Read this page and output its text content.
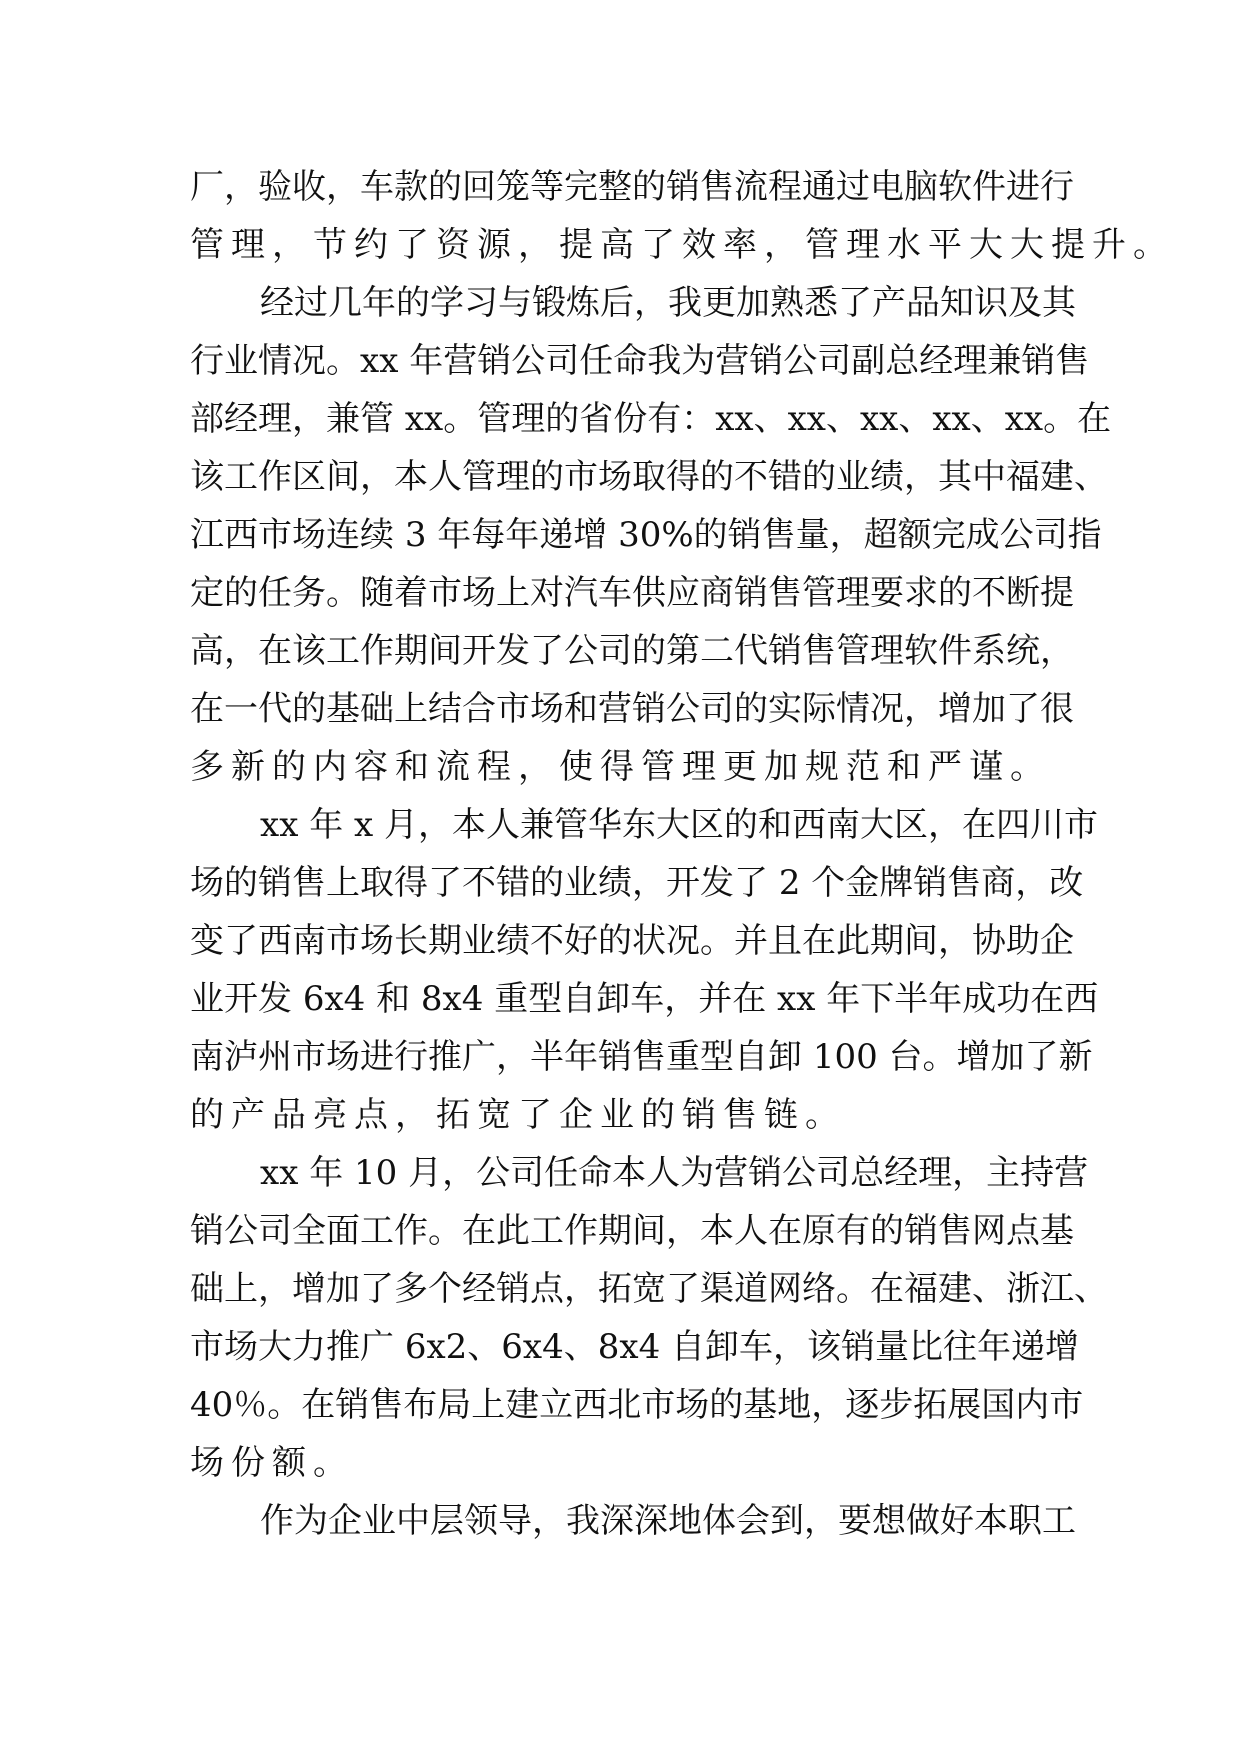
厂 ， 验 收 ， 车 款 的 回 笼 等 完 整 的 销 售 流 程 通 过 电 脑 软 件 进 行
管理，节约了资源，提高了效率，管理水平大大提升。
经 过 几 年 的 学 习 与 锻 炼 后 ， 我 更 加 熟 悉 了 产 品 知 识 及 其
行 业 情 况 。 x x
年 营 销 公 司 任 命 我 为 营 销 公 司 副 总 经 理 兼 销 售
部 经 理 ， 兼 管
x x 。 管 理 的 省 份 有 ： x x 、 x x 、 x x 、 x x 、 x x 。 在
该 工 作 区 间 ， 本 人 管 理 的 市 场 取 得 的 不 错 的 业 绩 ， 其 中 福 建 、
江 西 市 场 连 续
3
年 每 年 递 增
3 0 % 的 销 售 量 ， 超 额 完 成 公 司 指
定 的 任 务 。 随 着 市 场 上 对 汽 车 供 应 商 销 售 管 理 要 求 的 不 断 提
高 ， 在 该 工 作 期 间 开 发 了 公 司 的 第 二 代 销 售 管 理 软 件 系 统 ，
在 一 代 的 基 础 上 结 合 市 场 和 营 销 公 司 的 实 际 情 况 ， 增 加 了 很
多新的内容和流程，使得管理更加规范和严谨。
x x
年
x
月 ， 本 人 兼 管 华 东 大 区 的 和 西 南 大 区 ， 在 四 川 市
场 的 销 售 上 取 得 了 不 错 的 业 绩 ， 开 发 了
2
个 金 牌 销 售 商 ， 改
变 了 西 南 市 场 长 期 业 绩 不 好 的 状 况 。 并 且 在 此 期 间 ， 协 助 企
业 开 发
6 x 4
和
8 x 4
重 型 自 卸 车 ， 并 在
x x
年 下 半 年 成 功 在 西
南 泸 州 市 场 进 行 推 广 ， 半 年 销 售 重 型 自 卸
1 0 0
台 。 增 加 了 新
的产品亮点，拓宽了企业的销售链。
x x
年
1 0
月 ， 公 司 任 命 本 人 为 营 销 公 司 总 经 理 ， 主 持 营
销 公 司 全 面 工 作 。 在 此 工 作 期 间 ， 本 人 在 原 有 的 销 售 网 点 基
础 上 ， 增 加 了 多 个 经 销 点 ， 拓 宽 了 渠 道 网 络 。 在 福 建 、 浙 江 、
市 场 大 力 推 广
6 x 2 、 6 x 4 、 8 x 4
自 卸 车 ， 该 销 量 比 往 年 递 增
4 0 ％ 。 在 销 售 布 局 上 建 立 西 北 市 场 的 基 地 ， 逐 步 拓 展 国 内 市
场份额。
作 为 企 业 中 层 领 导 ， 我 深 深 地 体 会 到 ， 要 想 做 好 本 职 工
